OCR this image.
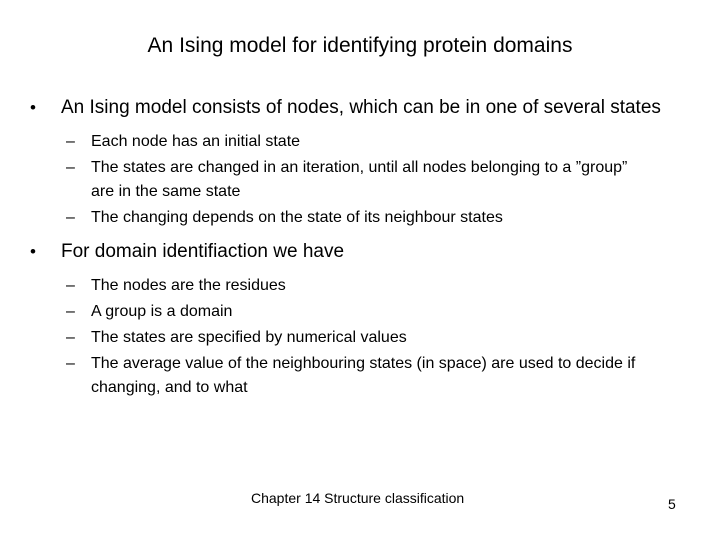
An Ising model for identifying protein domains
• An Ising model consists of nodes, which can be in one of several states
– Each node has an initial state
– The states are changed in an iteration, until all nodes belonging to a ”group” are in the same state
– The changing depends on the state of its neighbour states
• For domain identifiaction we have
– The nodes are the residues
– A group is a domain
– The states are specified by numerical values
– The average value of the neighbouring states (in space) are used to decide if changing, and to what
Chapter 14 Structure classification	5
